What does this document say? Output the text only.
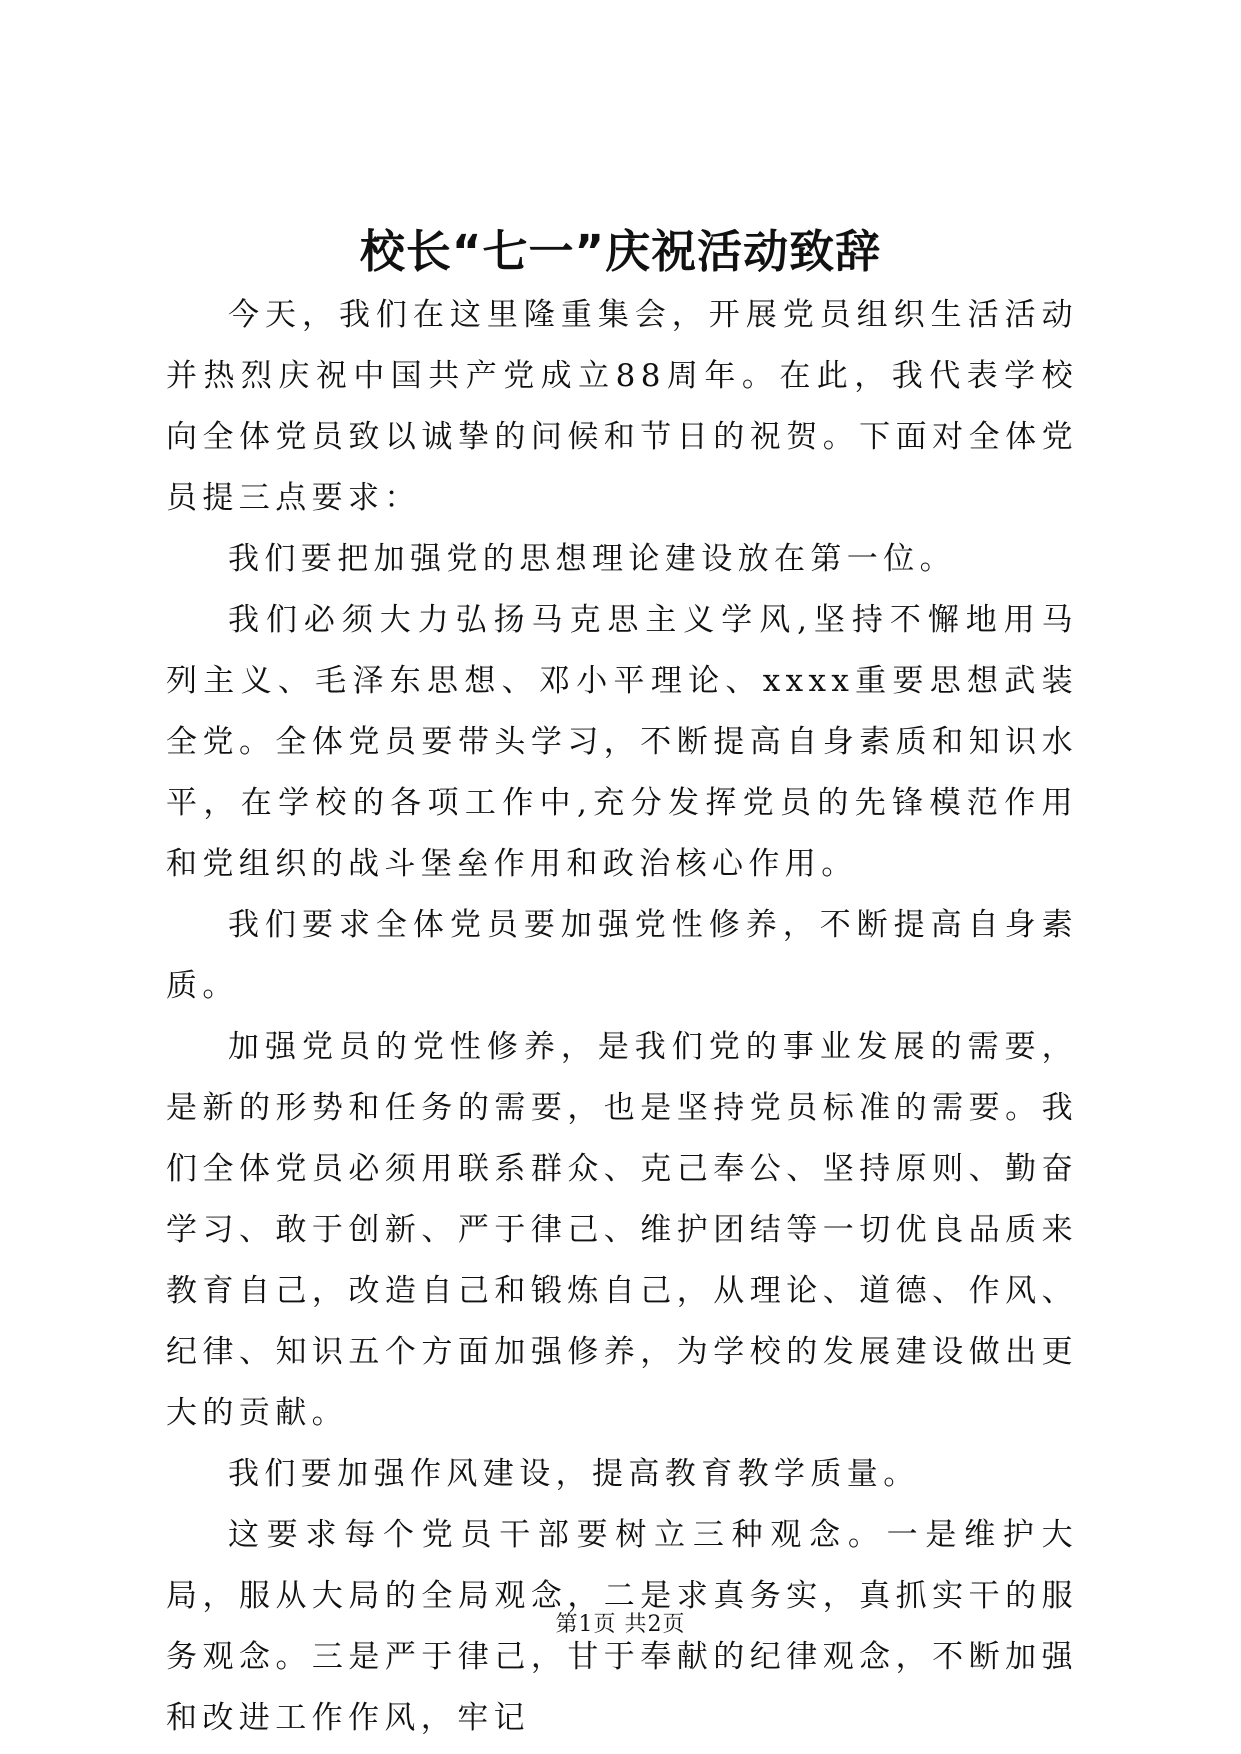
校长“七一”庆祝活动致辞

今天，我们在这里隆重集会，开展党员组织生活活动并热烈庆祝中国共产党成立88周年。在此，我代表学校向全体党员致以诚挚的问候和节日的祝贺。下面对全体党员提三点要求：

我们要把加强党的思想理论建设放在第一位。

我们必须大力弘扬马克思主义学风,坚持不懈地用马列主义、毛泽东思想、邓小平理论、xxxx重要思想武装全党。全体党员要带头学习，不断提高自身素质和知识水平，在学校的各项工作中,充分发挥党员的先锋模范作用和党组织的战斗堡垒作用和政治核心作用。

我们要求全体党员要加强党性修养，不断提高自身素质。

加强党员的党性修养，是我们党的事业发展的需要，是新的形势和任务的需要，也是坚持党员标准的需要。我们全体党员必须用联系群众、克己奉公、坚持原则、勤奋学习、敢于创新、严于律己、维护团结等一切优良品质来教育自己，改造自己和锻炼自己，从理论、道德、作风、纪律、知识五个方面加强修养，为学校的发展建设做出更大的贡献。

我们要加强作风建设，提高教育教学质量。

这要求每个党员干部要树立三种观念。一是维护大局，服从大局的全局观念，二是求真务实，真抓实干的服务观念。三是严于律己，甘于奉献的纪律观念，不断加强和改进工作作风，牢记

第1页 共2页
